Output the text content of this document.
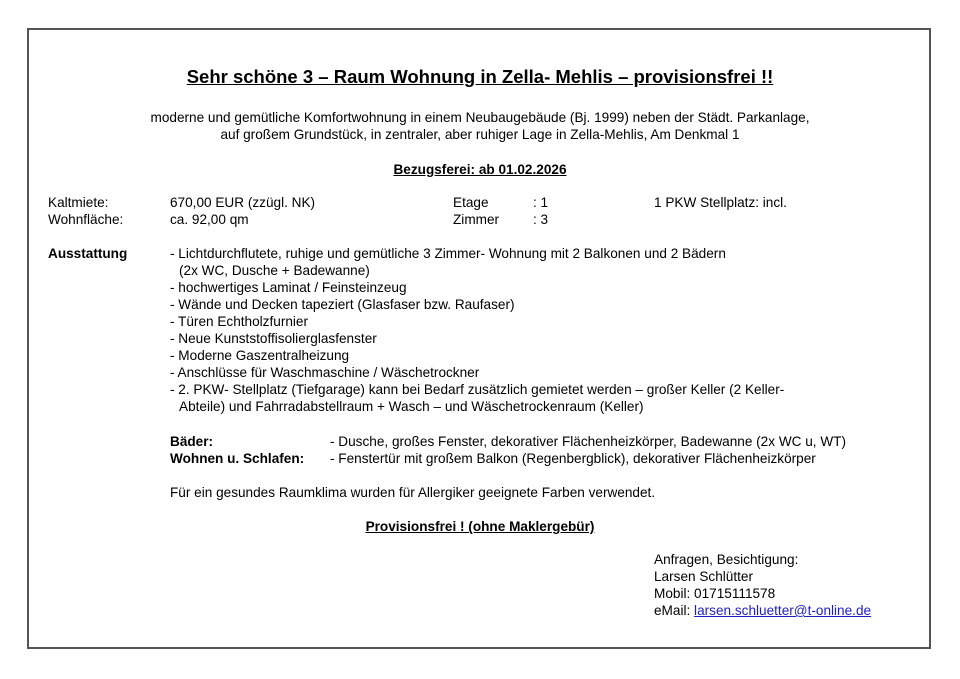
Sehr schöne 3 – Raum Wohnung in Zella- Mehlis – provisionsfrei !!
moderne und gemütliche Komfortwohnung in einem Neubaugebäude (Bj. 1999) neben der Städt. Parkanlage,
auf großem Grundstück, in zentraler, aber ruhiger Lage in Zella-Mehlis, Am Denkmal 1
Bezugsferei: ab 01.02.2026
Kaltmiete:	670,00 EUR (zzügl. NK)	Etage	: 1	1 PKW Stellplatz: incl.
Wohnfläche:	ca. 92,00 qm	Zimmer : 3
Ausstattung	- Lichtdurchflutete, ruhige und gemütliche 3 Zimmer- Wohnung mit 2 Balkonen und 2 Bädern
(2x WC, Dusche + Badewanne)
- hochwertiges Laminat / Feinsteinzeug
- Wände und Decken tapeziert (Glasfaser bzw. Raufaser)
- Türen Echtholzfurnier
- Neue Kunststoffisolierglasfenster
- Moderne Gaszentralheizung
- Anschlüsse für Waschmaschine / Wäschetrockner
- 2. PKW- Stellplatz (Tiefgarage) kann bei Bedarf zusätzlich gemietet werden – großer Keller (2 Keller-
Abteile) und Fahrradabstellraum + Wasch – und Wäschetrockenraum (Keller)
Bäder:	- Dusche, großes Fenster, dekorativer Flächenheizkörper, Badewanne (2x WC u, WT)
Wohnen u. Schlafen: - Fenstertür mit großem Balkon (Regenbergblick), dekorativer Flächenheizkörper
Für ein gesundes Raumklima wurden für Allergiker geeignete Farben verwendet.
Provisionsfrei ! (ohne Maklergebür)
Anfragen, Besichtigung:
Larsen Schlütter
Mobil: 01715111578
eMail: larsen.schluetter@t-online.de
